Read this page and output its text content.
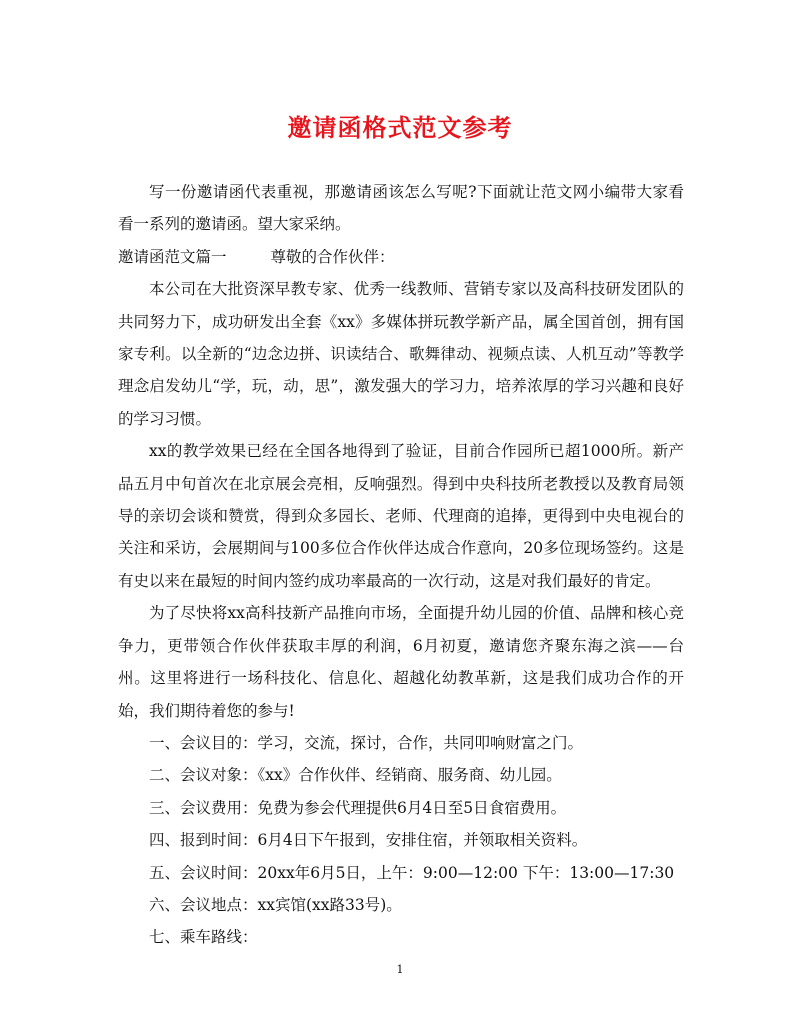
邀请函格式范文参考

写一份邀请函代表重视，那邀请函该怎么写呢?下面就让范文网小编带大家看看一系列的邀请函。望大家采纳。

邀请函范文篇一	尊敬的合作伙伴：

本公司在大批资深早教专家、优秀一线教师、营销专家以及高科技研发团队的共同努力下，成功研发出全套《xx》多媒体拼玩教学新产品，属全国首创，拥有国家专利。以全新的“边念边拼、识读结合、歌舞律动、视频点读、人机互动”等教学理念启发幼儿“学，玩，动，思”，激发强大的学习力，培养浓厚的学习兴趣和良好的学习习惯。

xx的教学效果已经在全国各地得到了验证，目前合作园所已超1000所。新产品五月中旬首次在北京展会亮相，反响强烈。得到中央科技所老教授以及教育局领导的亲切会谈和赞赏，得到众多园长、老师、代理商的追捧，更得到中央电视台的关注和采访，会展期间与100多位合作伙伴达成合作意向，20多位现场签约。这是有史以来在最短的时间内签约成功率最高的一次行动，这是对我们最好的肯定。

为了尽快将xx高科技新产品推向市场，全面提升幼儿园的价值、品牌和核心竞争力，更带领合作伙伴获取丰厚的利润，6月初夏，邀请您齐聚东海之滨——台州。这里将进行一场科技化、信息化、超越化幼教革新，这是我们成功合作的开始，我们期待着您的参与!

一、会议目的：学习，交流，探讨，合作，共同叩响财富之门。

二、会议对象：《xx》合作伙伴、经销商、服务商、幼儿园。

三、会议费用：免费为参会代理提供6月4日至5日食宿费用。

四、报到时间：6月4日下午报到，安排住宿，并领取相关资料。

五、会议时间：20xx年6月5日，上午：9:00—12:00 下午：13:00—17:30

六、会议地点：xx宾馆(xx路33号)。

七、乘车路线：

1
